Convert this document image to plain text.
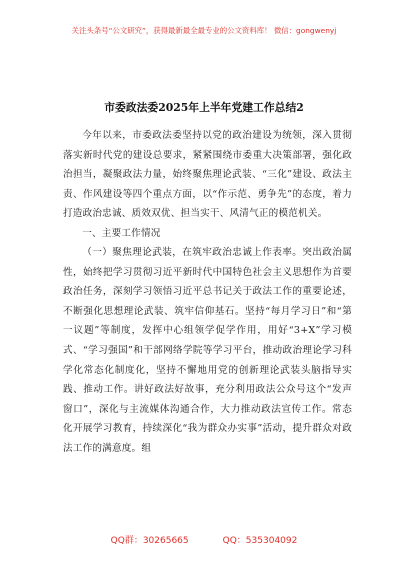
关注头条号“公文研究”，获得最新最全最专业的公文资料库！ 微信：gongwenyj
市委政法委2025年上半年党建工作总结2

今年以来，市委政法委坚持以党的政治建设为统领，深入贯彻落实新时代党的建设总要求，紧紧围绕市委重大决策部署，强化政治担当，凝聚政法力量，始终聚焦理论武装、“三化”建设、政法主责、作风建设等四个重点方面，以“作示范、勇争先”的态度，着力打造政治忠诚、质效双优、担当实干、风清气正的模范机关。

一、主要工作情况

（一）聚焦理论武装，在筑牢政治忠诚上作表率。突出政治属性，始终把学习贯彻习近平新时代中国特色社会主义思想作为首要政治任务，深刻学习领悟习近平总书记关于政法工作的重要论述，不断强化思想理论武装、筑牢信仰基石。坚持“每月学习日”和“第一议题”等制度，发挥中心组领学促学作用，用好“3+X”学习模式、“学习强国”和干部网络学院等学习平台，推动政治理论学习科学化常态化制度化，坚持不懈地用党的创新理论武装头脑指导实践、推动工作。讲好政法好故事，充分利用政法公众号这个“发声窗口”，深化与主流媒体沟通合作，大力推动政法宣传工作。常态化开展学习教育，持续深化“我为群众办实事”活动，提升群众对政法工作的满意度。组

QQ群：30265665	QQ：535304092
